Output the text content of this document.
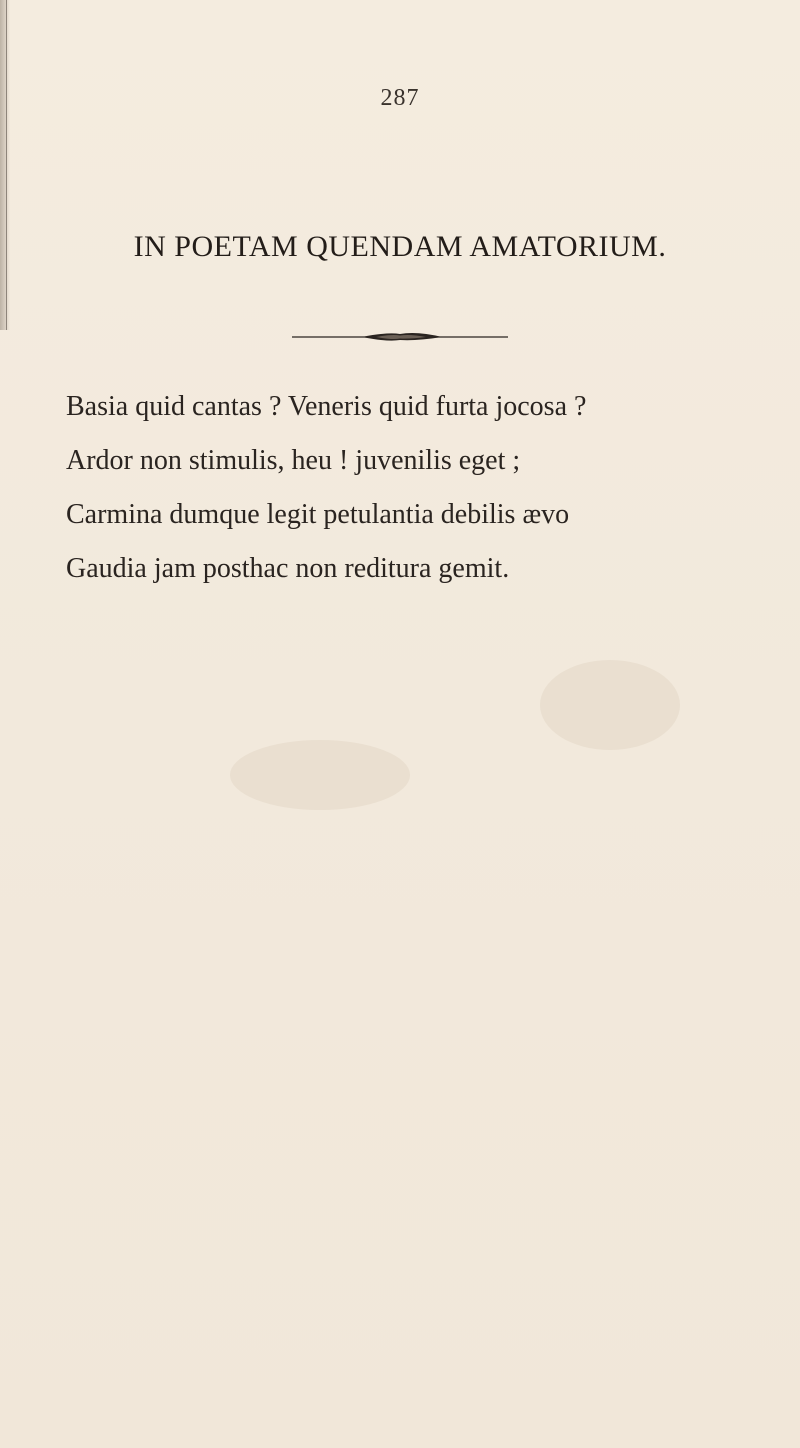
287
IN POETAM QUENDAM AMATORIUM.
Basia quid cantas ? Veneris quid furta jocosa ?
Ardor non stimulis, heu ! juvenilis eget ;
Carmina dumque legit petulantia debilis ævo
Gaudia jam posthac non reditura gemit.
